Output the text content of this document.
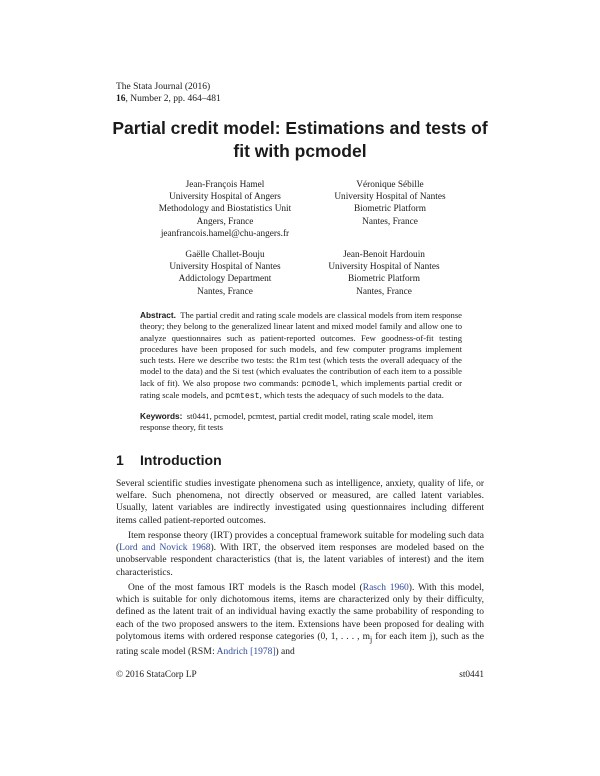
The Stata Journal (2016)
16, Number 2, pp. 464–481
Partial credit model: Estimations and tests of
fit with pcmodel
Jean-François Hamel
University Hospital of Angers
Methodology and Biostatistics Unit
Angers, France
jeanfrancois.hamel@chu-angers.fr
Véronique Sébille
University Hospital of Nantes
Biometric Platform
Nantes, France
Gaëlle Challet-Bouju
University Hospital of Nantes
Addictology Department
Nantes, France
Jean-Benoit Hardouin
University Hospital of Nantes
Biometric Platform
Nantes, France
Abstract. The partial credit and rating scale models are classical models from item response theory; they belong to the generalized linear latent and mixed model family and allow one to analyze questionnaires such as patient-reported outcomes. Few goodness-of-fit testing procedures have been proposed for such models, and few computer programs implement such tests. Here we describe two tests: the R1m test (which tests the overall adequacy of the model to the data) and the Si test (which evaluates the contribution of each item to a possible lack of fit). We also propose two commands: pcmodel, which implements partial credit or rating scale models, and pcmtest, which tests the adequacy of such models to the data.
Keywords: st0441, pcmodel, pcmtest, partial credit model, rating scale model, item response theory, fit tests
1 Introduction
Several scientific studies investigate phenomena such as intelligence, anxiety, quality of life, or welfare. Such phenomena, not directly observed or measured, are called latent variables. Usually, latent variables are indirectly investigated using questionnaires including different items called patient-reported outcomes.
Item response theory (IRT) provides a conceptual framework suitable for modeling such data (Lord and Novick 1968). With IRT, the observed item responses are modeled based on the unobservable respondent characteristics (that is, the latent variables of interest) and the item characteristics.
One of the most famous IRT models is the Rasch model (Rasch 1960). With this model, which is suitable for only dichotomous items, items are characterized only by their difficulty, defined as the latent trait of an individual having exactly the same probability of responding to each of the two proposed answers to the item. Extensions have been proposed for dealing with polytomous items with ordered response categories (0, 1, . . . , $m_j$ for each item j), such as the rating scale model (RSM: Andrich [1978]) and
© 2016 StataCorp LP	st0441
